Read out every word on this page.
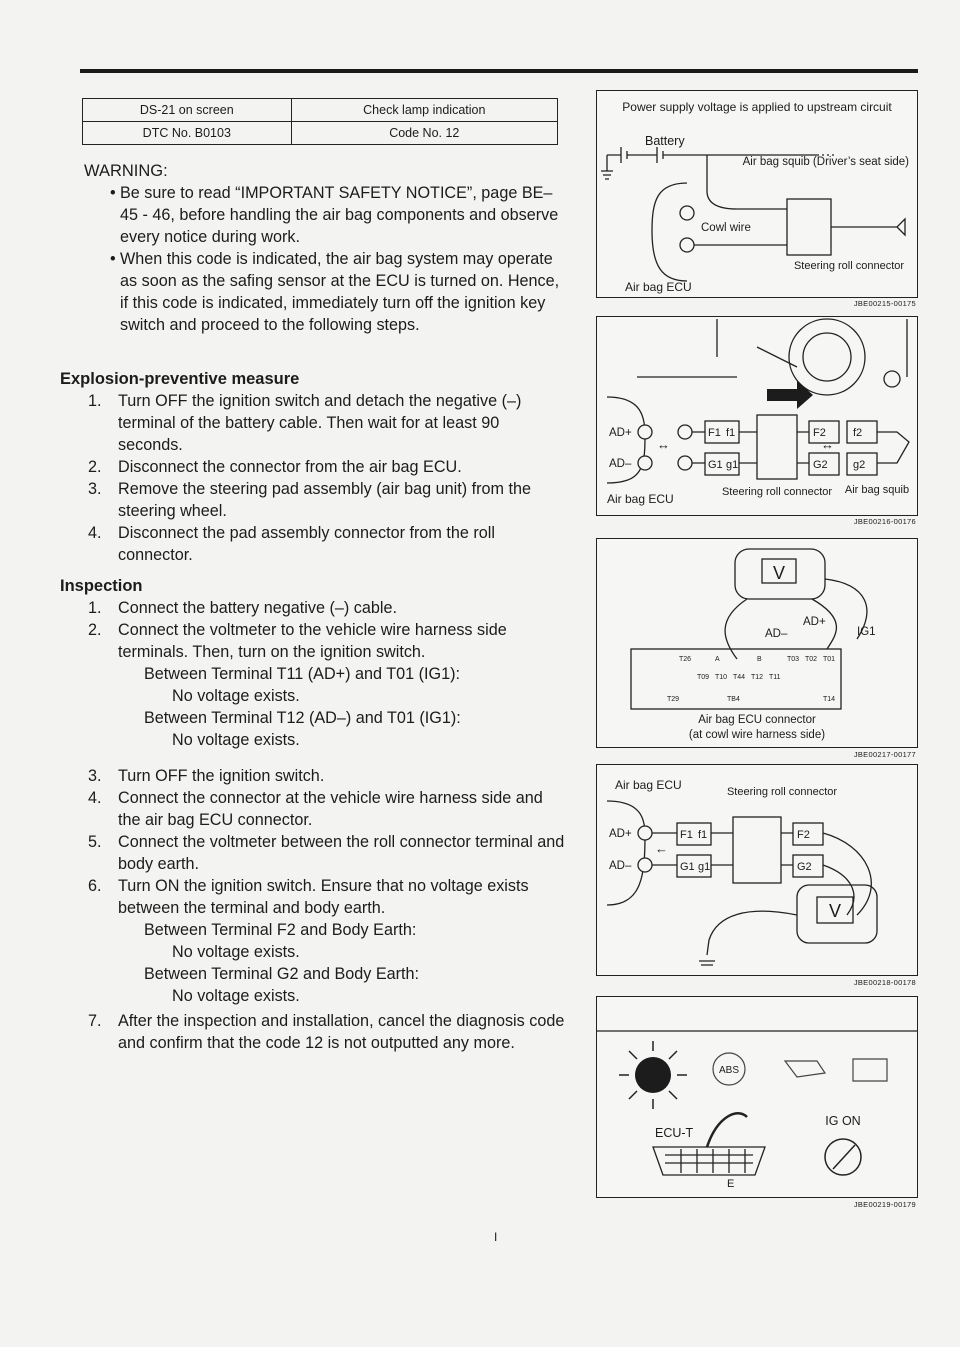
DS-21 on screen	Check lamp indication
DTC No. B0103	Code No. 12
WARNING:
• Be sure to read “IMPORTANT SAFETY NOTICE”, page BE–45 - 46, before handling the air bag components and observe every notice during work.
• When this code is indicated, the air bag system may operate as soon as the safing sensor at the ECU is turned on. Hence, if this code is indicated, immediately turn off the ignition key switch and proceed to the following steps.
Explosion-preventive measure
1. Turn OFF the ignition switch and detach the negative (–) terminal of the battery cable. Then wait for at least 90 seconds.
2. Disconnect the connector from the air bag ECU.
3. Remove the steering pad assembly (air bag unit) from the steering wheel.
4. Disconnect the pad assembly connector from the roll connector.
Inspection
1. Connect the battery negative (–) cable.
2. Connect the voltmeter to the vehicle wire harness side terminals. Then, turn on the ignition switch.
Between Terminal T11 (AD+) and T01 (IG1):
No voltage exists.
Between Terminal T12 (AD–) and T01 (IG1):
No voltage exists.
3. Turn OFF the ignition switch.
4. Connect the connector at the vehicle wire harness side and the air bag ECU connector.
5. Connect the voltmeter between the roll connector terminal and body earth.
6. Turn ON the ignition switch. Ensure that no voltage exists between the terminal and body earth.
Between Terminal F2 and Body Earth:
No voltage exists.
Between Terminal G2 and Body Earth:
No voltage exists.
7. After the inspection and installation, cancel the diagnosis code and confirm that the code 12 is not outputted any more.
Power supply voltage is applied to upstream circuit
Battery
Cowl wire
Air bag squib (Driver’s seat side)
Steering roll connector
Air bag ECU
JBE00215-00175
AD+
AD–
↔	↔
F1 f1
G1 g1
F2
G2
f2
g2
Air bag ECU	Steering roll connector Air bag squib
JBE00216-00176
V
AD–
AD+
IG1
T26	A	B	T03 T02 T01
T09 T10 T44 T12 T11
T29	TB4	T14
Air bag ECU connector
(at cowl wire harness side)
JBE00217-00177
Air bag ECU	Steering roll connector
AD+
AD–
←
F1 f1
G1 g1
F2
G2
V
JBE00218-00178
ABS
ECU-T
E
IG ON
JBE00219-00179
I
